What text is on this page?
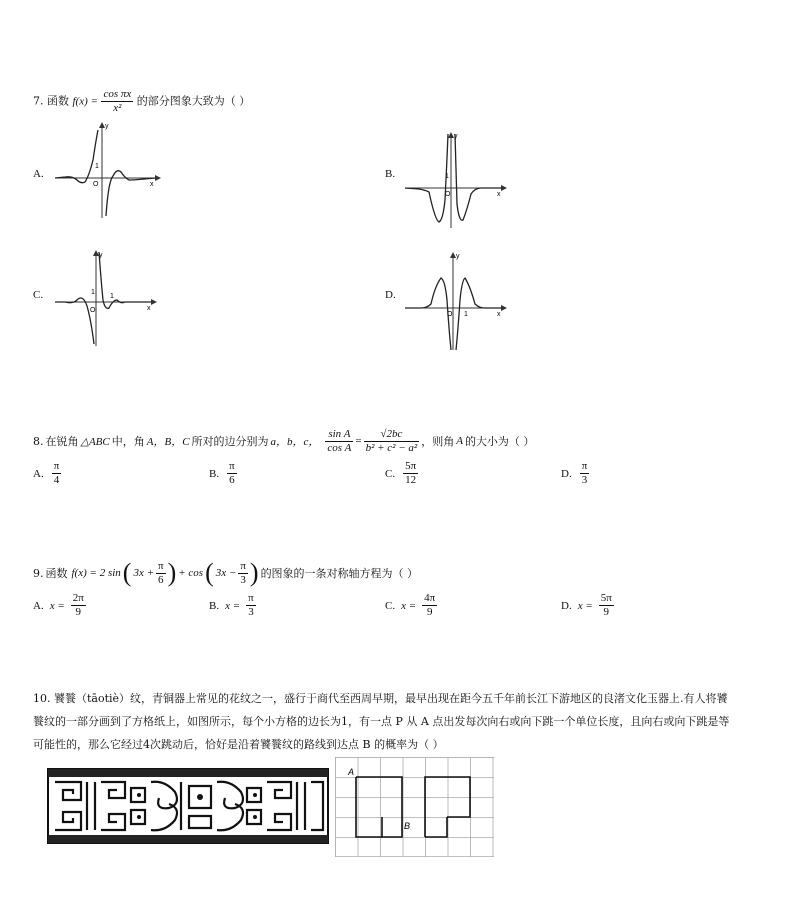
7. 函数 $f(x) = \frac{\text{cos πx}}{\text{x²}}$ 的部分图象大致为（ ）
A.
y
x
O
1
B.
y
x
O
1
C.
y
x
O
1
1	D.
y
x
O 1
8. 在锐角 △ABC 中，角 A，B，C 所对的边分别为 a，b，c， $\frac{\text{sin A}}{\text{cos A}} = \frac{√2bc}{\text{b² + c² − a²}}$ ，则角 A 的大小为（ ）
A. $\frac{\pi}{4}$	B. $\frac{\pi}{6}$	C. $\frac{5\pi}{12}$	D. $\frac{\pi}{3}$
9. 函数 f(x) = 2 sin ( $3x + \frac{\pi}{6}$ ) + cos ( $3x - \frac{\pi}{3}$ ) 的图象的一条对称轴方程为（ ）
A. $x = \frac{2\pi}{9}$	B. $x = \frac{\pi}{3}$	C. $x = \frac{4\pi}{9}$	D. $x = \frac{5\pi}{9}$
10. 饕餮（tāotiè）纹，青铜器上常见的花纹之一，盛行于商代至西周早期，最早出现在距今五千年前长江下游地区的良渚文化玉器上.有人将饕
餮纹的一部分画到了方格纸上，如图所示，每个小方格的边长为1，有一点 P 从 A 点出发每次向右或向下跳一个单位长度，且向右或向下跳是等
可能性的，那么它经过4次跳动后，恰好是沿着饕餮纹的路线到达点 B 的概率为（ ）
A
B
